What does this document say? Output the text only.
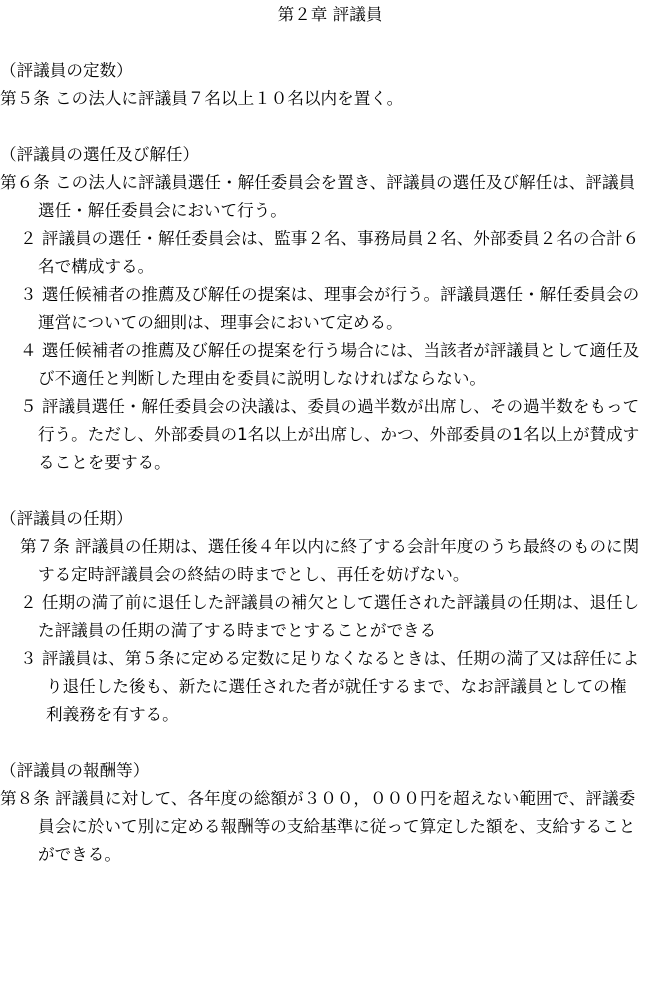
第２章 評議員
（評議員の定数）
第５条 この法人に評議員７名以上１０名以内を置く。
（評議員の選任及び解任）
第６条 この法人に評議員選任・解任委員会を置き、評議員の選任及び解任は、評議員
選任・解任委員会において行う。
２ 評議員の選任・解任委員会は、監事２名、事務局員２名、外部委員２名の合計６
名で構成する。
３ 選任候補者の推薦及び解任の提案は、理事会が行う。評議員選任・解任委員会の
運営についての細則は、理事会において定める。
４ 選任候補者の推薦及び解任の提案を行う場合には、当該者が評議員として適任及
び不適任と判断した理由を委員に説明しなければならない。
５ 評議員選任・解任委員会の決議は、委員の過半数が出席し、その過半数をもって
行う。ただし、外部委員の1名以上が出席し、かつ、外部委員の1名以上が賛成す
ることを要する。
（評議員の任期）
第７条 評議員の任期は、選任後４年以内に終了する会計年度のうち最終のものに関
する定時評議員会の終結の時までとし、再任を妨げない。
２ 任期の満了前に退任した評議員の補欠として選任された評議員の任期は、退任し
た評議員の任期の満了する時までとすることができる
３ 評議員は、第５条に定める定数に足りなくなるときは、任期の満了又は辞任によ
り退任した後も、新たに選任された者が就任するまで、なお評議員としての権
利義務を有する。
（評議員の報酬等）
第８条 評議員に対して、各年度の総額が３００，０００円を超えない範囲で、評議委
員会に於いて別に定める報酬等の支給基準に従って算定した額を、支給すること
ができる。
